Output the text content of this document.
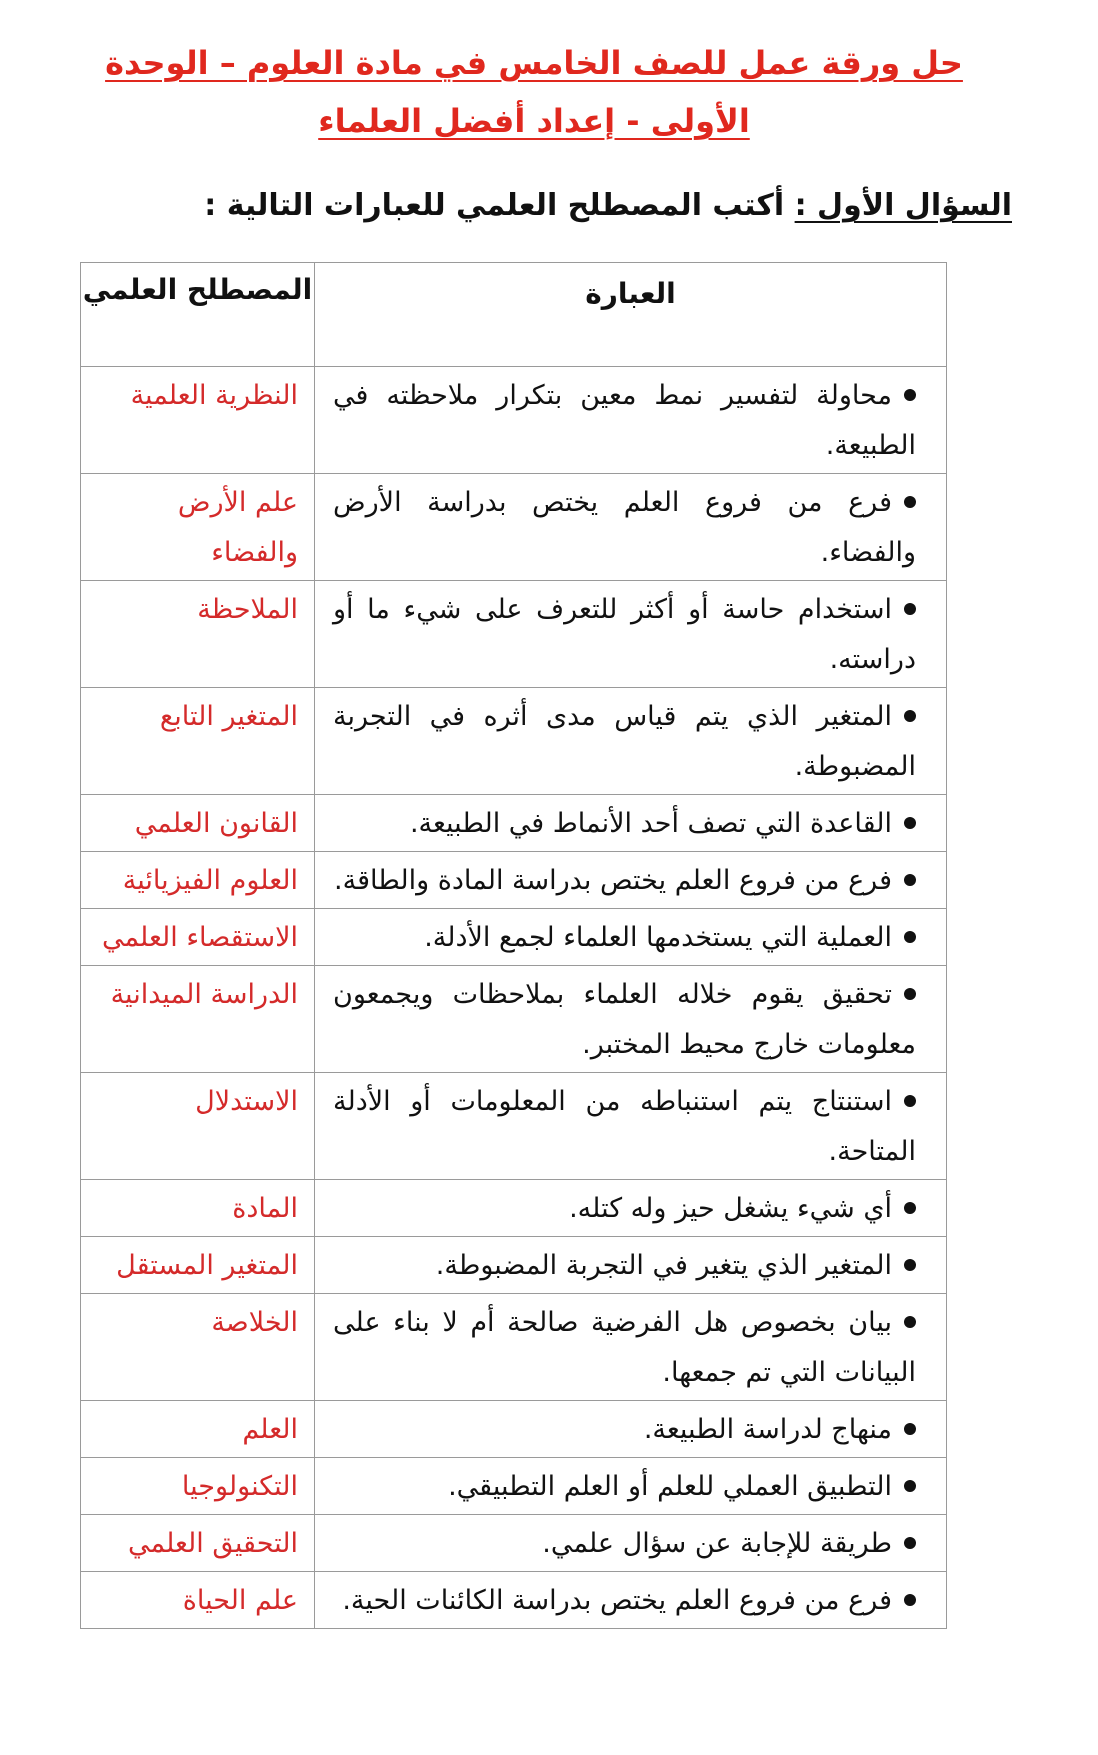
حل ورقة عمل للصف الخامس في مادة العلوم – الوحدة الأولى - إعداد أفضل العلماء
السؤال الأول : أكتب المصطلح العلمي للعبارات التالية :
العبارة	المصطلح العلمي
محاولة لتفسير نمط معين بتكرار ملاحظته في الطبيعة.	النظرية العلمية
فرع من فروع العلم يختص بدراسة الأرض والفضاء.	علم الأرض والفضاء
استخدام حاسة أو أكثر للتعرف على شيء ما أو دراسته.	الملاحظة
المتغير الذي يتم قياس مدى أثره في التجربة المضبوطة.	المتغير التابع
القاعدة التي تصف أحد الأنماط في الطبيعة.	القانون العلمي
فرع من فروع العلم يختص بدراسة المادة والطاقة.	العلوم الفيزيائية
العملية التي يستخدمها العلماء لجمع الأدلة.	الاستقصاء العلمي
تحقيق يقوم خلاله العلماء بملاحظات ويجمعون معلومات خارج محيط المختبر.	الدراسة الميدانية
استنتاج يتم استنباطه من المعلومات أو الأدلة المتاحة.	الاستدلال
أي شيء يشغل حيز وله كتله.	المادة
المتغير الذي يتغير في التجربة المضبوطة.	المتغير المستقل
بيان بخصوص هل الفرضية صالحة أم لا بناء على البيانات التي تم جمعها.	الخلاصة
منهاج لدراسة الطبيعة.	العلم
التطبيق العملي للعلم أو العلم التطبيقي.	التكنولوجيا
طريقة للإجابة عن سؤال علمي.	التحقيق العلمي
فرع من فروع العلم يختص بدراسة الكائنات الحية.	علم الحياة
